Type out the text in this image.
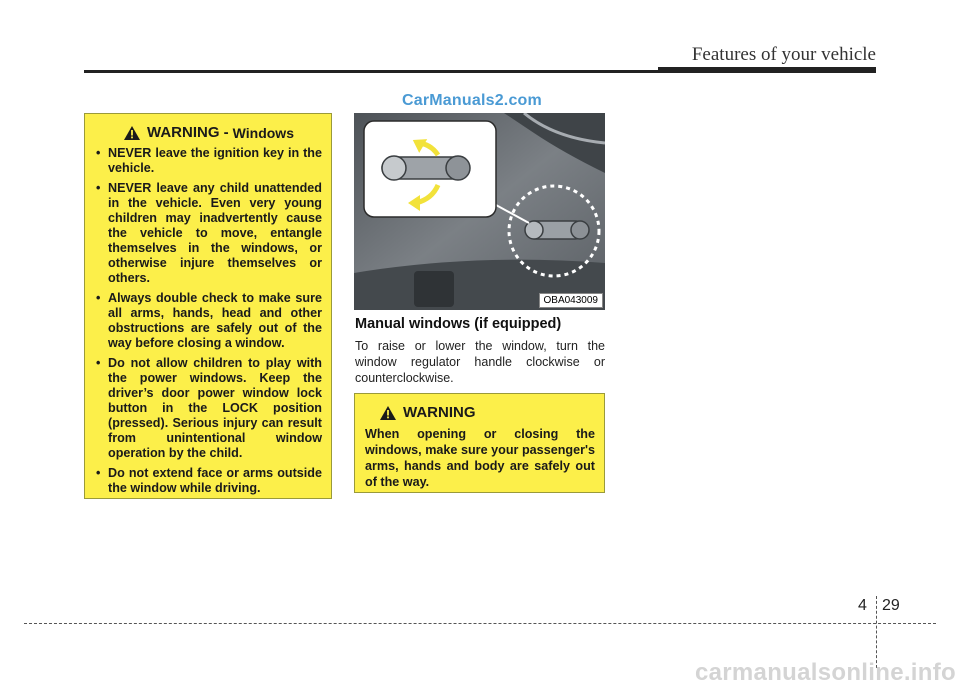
Features of your vehicle
CarManuals2.com
WARNING - Windows
• NEVER leave the ignition key in the vehicle.
• NEVER leave any child unattended in the vehicle. Even very young children may inadvertently cause the vehicle to move, entangle themselves in the windows, or otherwise injure themselves or others.
• Always double check to make sure all arms, hands, head and other obstructions are safely out of the way before closing a window.
• Do not allow children to play with the power windows. Keep the driver’s door power window lock button in the LOCK position (pressed). Serious injury can result from unintentional window operation by the child.
• Do not extend face or arms outside the window while driving.
OBA043009
Manual windows (if equipped)
To raise or lower the window, turn the window regulator handle clockwise or counterclockwise.
WARNING
When opening or closing the windows, make sure your passenger's arms, hands and body are safely out of the way.
4 29
carmanualsonline.info
